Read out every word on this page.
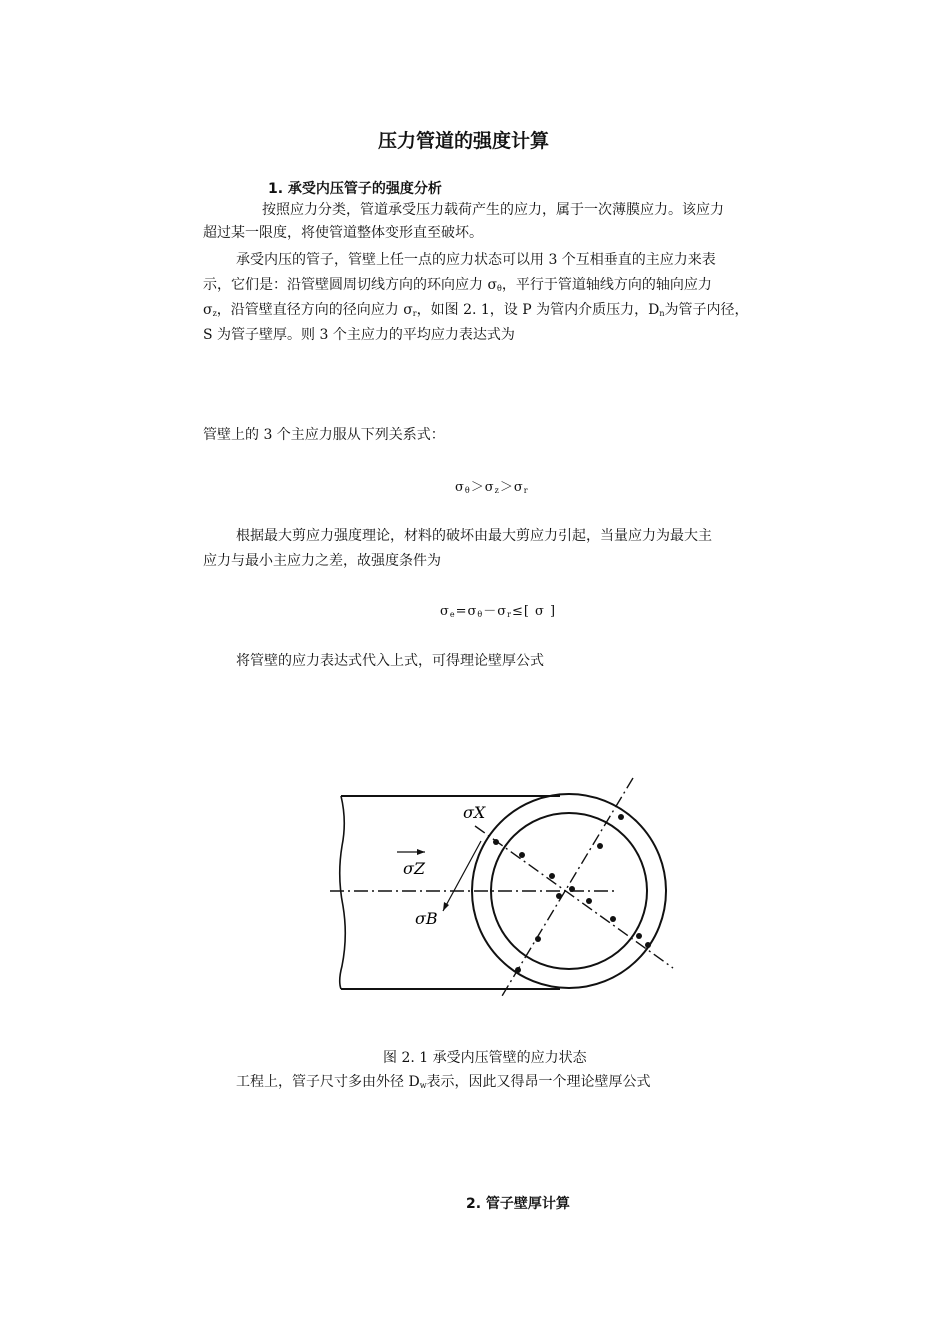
压力管道的强度计算
1. 承受内压管子的强度分析
按照应力分类，管道承受压力载荷产生的应力，属于一次薄膜应力。该应力
超过某一限度，将使管道整体变形直至破坏。
承受内压的管子，管壁上任一点的应力状态可以用 3 个互相垂直的主应力来表
示，它们是：沿管壁圆周切线方向的环向应力 $\sigma_\theta$，平行于管道轴线方向的轴向应力
$\sigma_z$，沿管壁直径方向的径向应力 $\sigma_r$，如图 2. 1，设 P 为管内介质压力，$D_n$为管子内径，
S 为管子壁厚。则 3 个主应力的平均应力表达式为
管壁上的 3 个主应力服从下列关系式：
$\sigma_\theta>\sigma_z>\sigma_r$
根据最大剪应力强度理论，材料的破坏由最大剪应力引起，当量应力为最大主
应力与最小主应力之差，故强度条件为
$\sigma_e=\sigma_\theta-\sigma_r\le$[ σ ]
将管壁的应力表达式代入上式，可得理论壁厚公式
σX
σZ
σB
图 2. 1 承受内压管壁的应力状态
工程上，管子尺寸多由外径 $D_w$表示，因此又得昂一个理论壁厚公式
2. 管子壁厚计算
